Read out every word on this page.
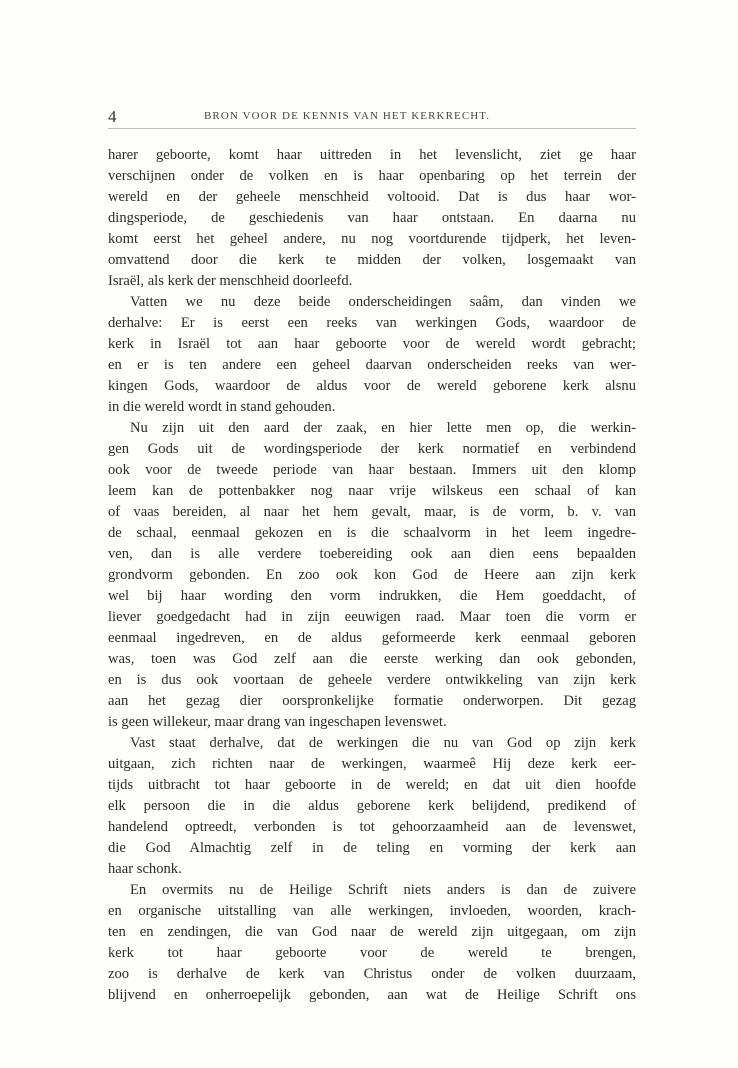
4	BRON VOOR DE KENNIS VAN HET KERKRECHT.
harer geboorte, komt haar uittreden in het levenslicht, ziet ge haar
verschijnen onder de volken en is haar openbaring op het terrein der
wereld en der geheele menschheid voltooid. Dat is dus haar wor-
dingsperiode, de geschiedenis van haar ontstaan. En daarna nu
komt eerst het geheel andere, nu nog voortdurende tijdperk, het leven-
omvattend door die kerk te midden der volken, losgemaakt van
Israël, als kerk der menschheid doorleefd.
Vatten we nu deze beide onderscheidingen saâm, dan vinden we
derhalve: Er is eerst een reeks van werkingen Gods, waardoor de
kerk in Israël tot aan haar geboorte voor de wereld wordt gebracht;
en er is ten andere een geheel daarvan onderscheiden reeks van wer-
kingen Gods, waardoor de aldus voor de wereld geborene kerk alsnu
in die wereld wordt in stand gehouden.
Nu zijn uit den aard der zaak, en hier lette men op, die werkin-
gen Gods uit de wordingsperiode der kerk normatief en verbindend
ook voor de tweede periode van haar bestaan. Immers uit den klomp
leem kan de pottenbakker nog naar vrije wilskeus een schaal of kan
of vaas bereiden, al naar het hem gevalt, maar, is de vorm, b. v. van
de schaal, eenmaal gekozen en is die schaalvorm in het leem ingedre-
ven, dan is alle verdere toebereiding ook aan dien eens bepaalden
grondvorm gebonden. En zoo ook kon God de Heere aan zijn kerk
wel bij haar wording den vorm indrukken, die Hem goeddacht, of
liever goedgedacht had in zijn eeuwigen raad. Maar toen die vorm er
eenmaal ingedreven, en de aldus geformeerde kerk eenmaal geboren
was, toen was God zelf aan die eerste werking dan ook gebonden,
en is dus ook voortaan de geheele verdere ontwikkeling van zijn kerk
aan het gezag dier oorspronkelijke formatie onderworpen. Dit gezag
is geen willekeur, maar drang van ingeschapen levenswet.
Vast staat derhalve, dat de werkingen die nu van God op zijn kerk
uitgaan, zich richten naar de werkingen, waarmeê Hij deze kerk eer-
tijds uitbracht tot haar geboorte in de wereld; en dat uit dien hoofde
elk persoon die in die aldus geborene kerk belijdend, predikend of
handelend optreedt, verbonden is tot gehoorzaamheid aan de levenswet,
die God Almachtig zelf in de teling en vorming der kerk aan
haar schonk.
En overmits nu de Heilige Schrift niets anders is dan de zuivere
en organische uitstalling van alle werkingen, invloeden, woorden, krach-
ten en zendingen, die van God naar de wereld zijn uitgegaan, om zijn
kerk tot haar geboorte voor de wereld te brengen,
zoo is derhalve de kerk van Christus onder de volken duurzaam,
blijvend en onherroepelijk gebonden, aan wat de Heilige Schrift ons
